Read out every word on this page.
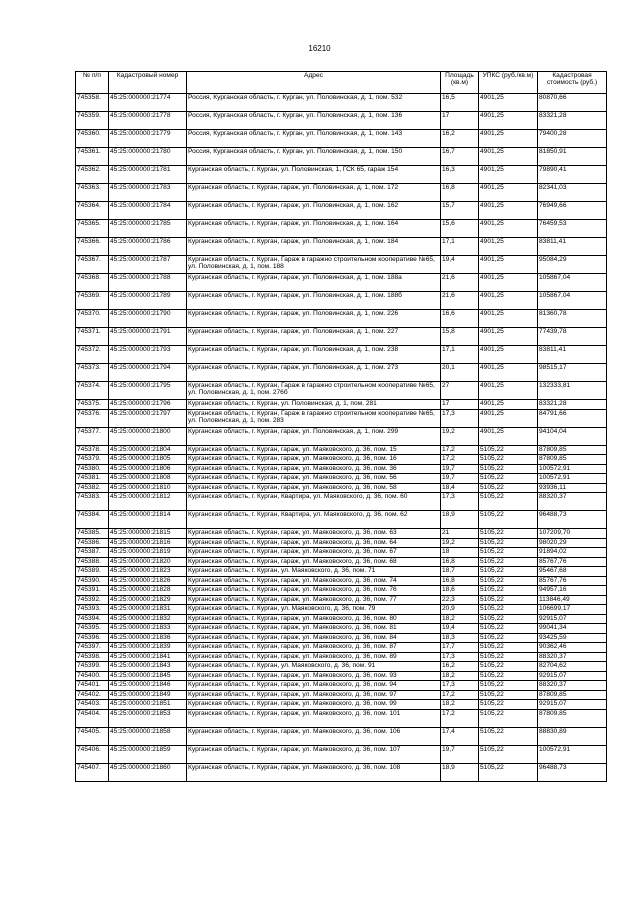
16210
№ п/п	Кадастровый номер	Адрес	Площадь (кв.м)	УПКС (руб./кв.м)	Кадастровая стоимость (руб.)
745358.	45:25:000000:21774	Россия, Курганская область, г. Курган, ул. Половинская, д. 1, пом. 532	16,5	4901,25	80870,66
745359.	45:25:000000:21778	Россия, Курганская область, г. Курган, ул. Половинская, д. 1, пом. 136	17	4901,25	83321,28
745360.	45:25:000000:21779	Россия, Курганская область, г. Курган, ул. Половинская, д. 1, пом. 143	16,2	4901,25	79400,28
745361.	45:25:000000:21780	Россия, Курганская область, г. Курган, ул. Половинская, д. 1, пом. 150	16,7	4901,25	81850,91
745362.	45:25:000000:21781	Курганская область, г. Курган, ул. Половинская, 1, ГСК 65, гараж 154	16,3	4901,25	79890,41
745363.	45:25:000000:21783	Курганская область, г. Курган, гараж, ул. Половинская, д. 1, пом. 172	16,8	4901,25	82341,03
745364.	45:25:000000:21784	Курганская область, г. Курган, гараж, ул. Половинская, д. 1, пом. 162	15,7	4901,25	76949,66
745365.	45:25:000000:21785	Курганская область, г. Курган, гараж, ул. Половинская, д. 1, пом. 164	15,6	4901,25	76459,53
745366.	45:25:000000:21786	Курганская область, г. Курган, гараж, ул. Половинская, д. 1, пом. 184	17,1	4901,25	83811,41
745367.	45:25:000000:21787	Курганская область, г. Курган, Гараж в гаражно строительном кооперативе №65, ул. Половинская, д. 1, пом. 188	19,4	4901,25	95084,29
745368.	45:25:000000:21788	Курганская область, г. Курган, гараж, ул. Половинская, д. 1, пом. 188а	21,6	4901,25	105867,04
745369.	45:25:000000:21789	Курганская область, г. Курган, гараж, ул. Половинская, д. 1, пом. 188б	21,6	4901,25	105867,04
745370.	45:25:000000:21790	Курганская область, г. Курган, гараж, ул. Половинская, д. 1, пом. 226	16,6	4901,25	81360,78
745371.	45:25:000000:21791	Курганская область, г. Курган, гараж, ул. Половинская, д. 1, пом. 227	15,8	4901,25	77439,78
745372.	45:25:000000:21793	Курганская область, г. Курган, гараж, ул. Половинская, д. 1, пом. 238	17,1	4901,25	83811,41
745373.	45:25:000000:21794	Курганская область, г. Курган, гараж, ул. Половинская, д. 1, пом. 273	20,1	4901,25	98515,17
745374.	45:25:000000:21795	Курганская область, г. Курган, Гараж в гаражно строительном кооперативе №65, ул. Половинская, д. 1, пом. 276б	27	4901,25	132333,81
745375.	45:25:000000:21796	Курганская область, г. Курган, ул. Половинская, д. 1, пом. 281	17	4901,25	83321,28
745376.	45:25:000000:21797	Курганская область, г. Курган, Гараж в гаражно строительном кооперативе №65, ул. Половинская, д. 1, пом. 283	17,3	4901,25	84791,66
745377.	45:25:000000:21800	Курганская область, г. Курган, гараж, ул. Половинская, д. 1, пом. 299	19,2	4901,25	94104,04
745378.	45:25:000000:21804	Курганская область, г. Курган, гараж, ул. Маяковского, д. 36, пом. 15	17,2	5105,22	87809,85
745379.	45:25:000000:21805	Курганская область, г. Курган, гараж, ул. Маяковского, д. 36, пом. 16	17,2	5105,22	87809,85
745380.	45:25:000000:21806	Курганская область, г. Курган, гараж, ул. Маяковского, д. 36, пом. 36	19,7	5105,22	100572,91
745381.	45:25:000000:21808	Курганская область, г. Курган, гараж, ул. Маяковского, д. 36, пом. 56	19,7	5105,22	100572,91
745382.	45:25:000000:21810	Курганская область, г. Курган, гараж, ул. Маяковского, д. 36, пом. 58	18,4	5105,22	93936,11
745383.	45:25:000000:21812	Курганская область, г. Курган, Квартира, ул. Маяковского, д. 36, пом. 60	17,3	5105,22	88320,37
745384.	45:25:000000:21814	Курганская область, г. Курган, Квартира, ул. Маяковского, д. 36, пом. 62	18,9	5105,22	96488,73
745385.	45:25:000000:21815	Курганская область, г. Курган, гараж, ул. Маяковского, д. 36, пом. 63	21	5105,22	107209,70
745386.	45:25:000000:21816	Курганская область, г. Курган, гараж, ул. Маяковского, д. 36, пом. 64	19,2	5105,22	98020,29
745387.	45:25:000000:21819	Курганская область, г. Курган, гараж, ул. Маяковского, д. 36, пом. 67	18	5105,22	91894,02
745388.	45:25:000000:21820	Курганская область, г. Курган, гараж, ул. Маяковского, д. 36, пом. 68	16,8	5105,22	85767,76
745389.	45:25:000000:21823	Курганская область, г. Курган, ул. Маяковского, д. 36, пом. 71	18,7	5105,22	95467,68
745390.	45:25:000000:21826	Курганская область, г. Курган, гараж, ул. Маяковского, д. 36, пом. 74	16,8	5105,22	85767,76
745391.	45:25:000000:21828	Курганская область, г. Курган, гараж, ул. Маяковского, д. 36, пом. 76	18,6	5105,22	94957,16
745392.	45:25:000000:21829	Курганская область, г. Курган, гараж, ул. Маяковского, д. 36, пом. 77	22,3	5105,22	113846,49
745393.	45:25:000000:21831	Курганская область, г. Курган, ул. Маяковского, д. 36, пом. 79	20,9	5105,22	106699,17
745394.	45:25:000000:21832	Курганская область, г. Курган, гараж, ул. Маяковского, д. 36, пом. 80	18,2	5105,22	92915,07
745395.	45:25:000000:21833	Курганская область, г. Курган, гараж, ул. Маяковского, д. 36, пом. 81	19,4	5105,22	99041,34
745396.	45:25:000000:21836	Курганская область, г. Курган, гараж, ул. Маяковского, д. 36, пом. 84	18,3	5105,22	93425,59
745397.	45:25:000000:21839	Курганская область, г. Курган, гараж, ул. Маяковского, д. 36, пом. 87	17,7	5105,22	90362,46
745398.	45:25:000000:21841	Курганская область, г. Курган, гараж, ул. Маяковского, д. 36, пом. 89	17,3	5105,22	88320,37
745399.	45:25:000000:21843	Курганская область, г. Курган, ул. Маяковского, д. 36, пом. 91	16,2	5105,22	82704,62
745400.	45:25:000000:21845	Курганская область, г. Курган, гараж, ул. Маяковского, д. 36, пом. 93	18,2	5105,22	92915,07
745401.	45:25:000000:21846	Курганская область, г. Курган, гараж, ул. Маяковского, д. 36, пом. 94	17,3	5105,22	88320,37
745402.	45:25:000000:21849	Курганская область, г. Курган, гараж, ул. Маяковского, д. 36, пом. 97	17,2	5105,22	87809,85
745403.	45:25:000000:21851	Курганская область, г. Курган, гараж, ул. Маяковского, д. 36, пом. 99	18,2	5105,22	92915,07
745404.	45:25:000000:21853	Курганская область, г. Курган, гараж, ул. Маяковского, д. 36, пом. 101	17,2	5105,22	87809,85
745405.	45:25:000000:21858	Курганская область, г. Курган, гараж, ул. Маяковского, д. 36, пом. 106	17,4	5105,22	88830,89
745406.	45:25:000000:21859	Курганская область, г. Курган, гараж, ул. Маяковского, д. 36, пом. 107	19,7	5105,22	100572,91
745407.	45:25:000000:21860	Курганская область, г. Курган, гараж, ул. Маяковского, д. 36, пом. 108	18,9	5105,22	96488,73
